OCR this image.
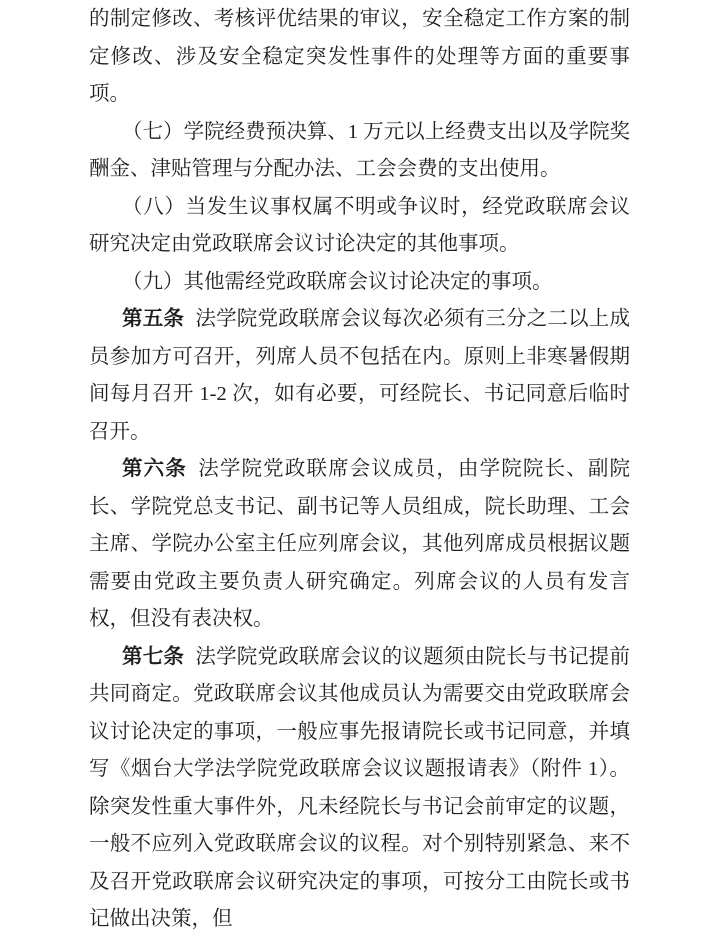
的制定修改、考核评优结果的审议，安全稳定工作方案的制定修改、涉及安全稳定突发性事件的处理等方面的重要事项。

（七）学院经费预决算、1 万元以上经费支出以及学院奖酬金、津贴管理与分配办法、工会会费的支出使用。

（八）当发生议事权属不明或争议时，经党政联席会议研究决定由党政联席会议讨论决定的其他事项。

（九）其他需经党政联席会议讨论决定的事项。

第五条 法学院党政联席会议每次必须有三分之二以上成员参加方可召开，列席人员不包括在内。原则上非寒暑假期间每月召开 1-2 次，如有必要，可经院长、书记同意后临时召开。

第六条 法学院党政联席会议成员，由学院院长、副院长、学院党总支书记、副书记等人员组成，院长助理、工会主席、学院办公室主任应列席会议，其他列席成员根据议题需要由党政主要负责人研究确定。列席会议的人员有发言权，但没有表决权。

第七条 法学院党政联席会议的议题须由院长与书记提前共同商定。党政联席会议其他成员认为需要交由党政联席会议讨论决定的事项，一般应事先报请院长或书记同意，并填写《烟台大学法学院党政联席会议议题报请表》（附件 1）。除突发性重大事件外，凡未经院长与书记会前审定的议题，一般不应列入党政联席会议的议程。对个别特别紧急、来不及召开党政联席会议研究决定的事项，可按分工由院长或书记做出决策，但
